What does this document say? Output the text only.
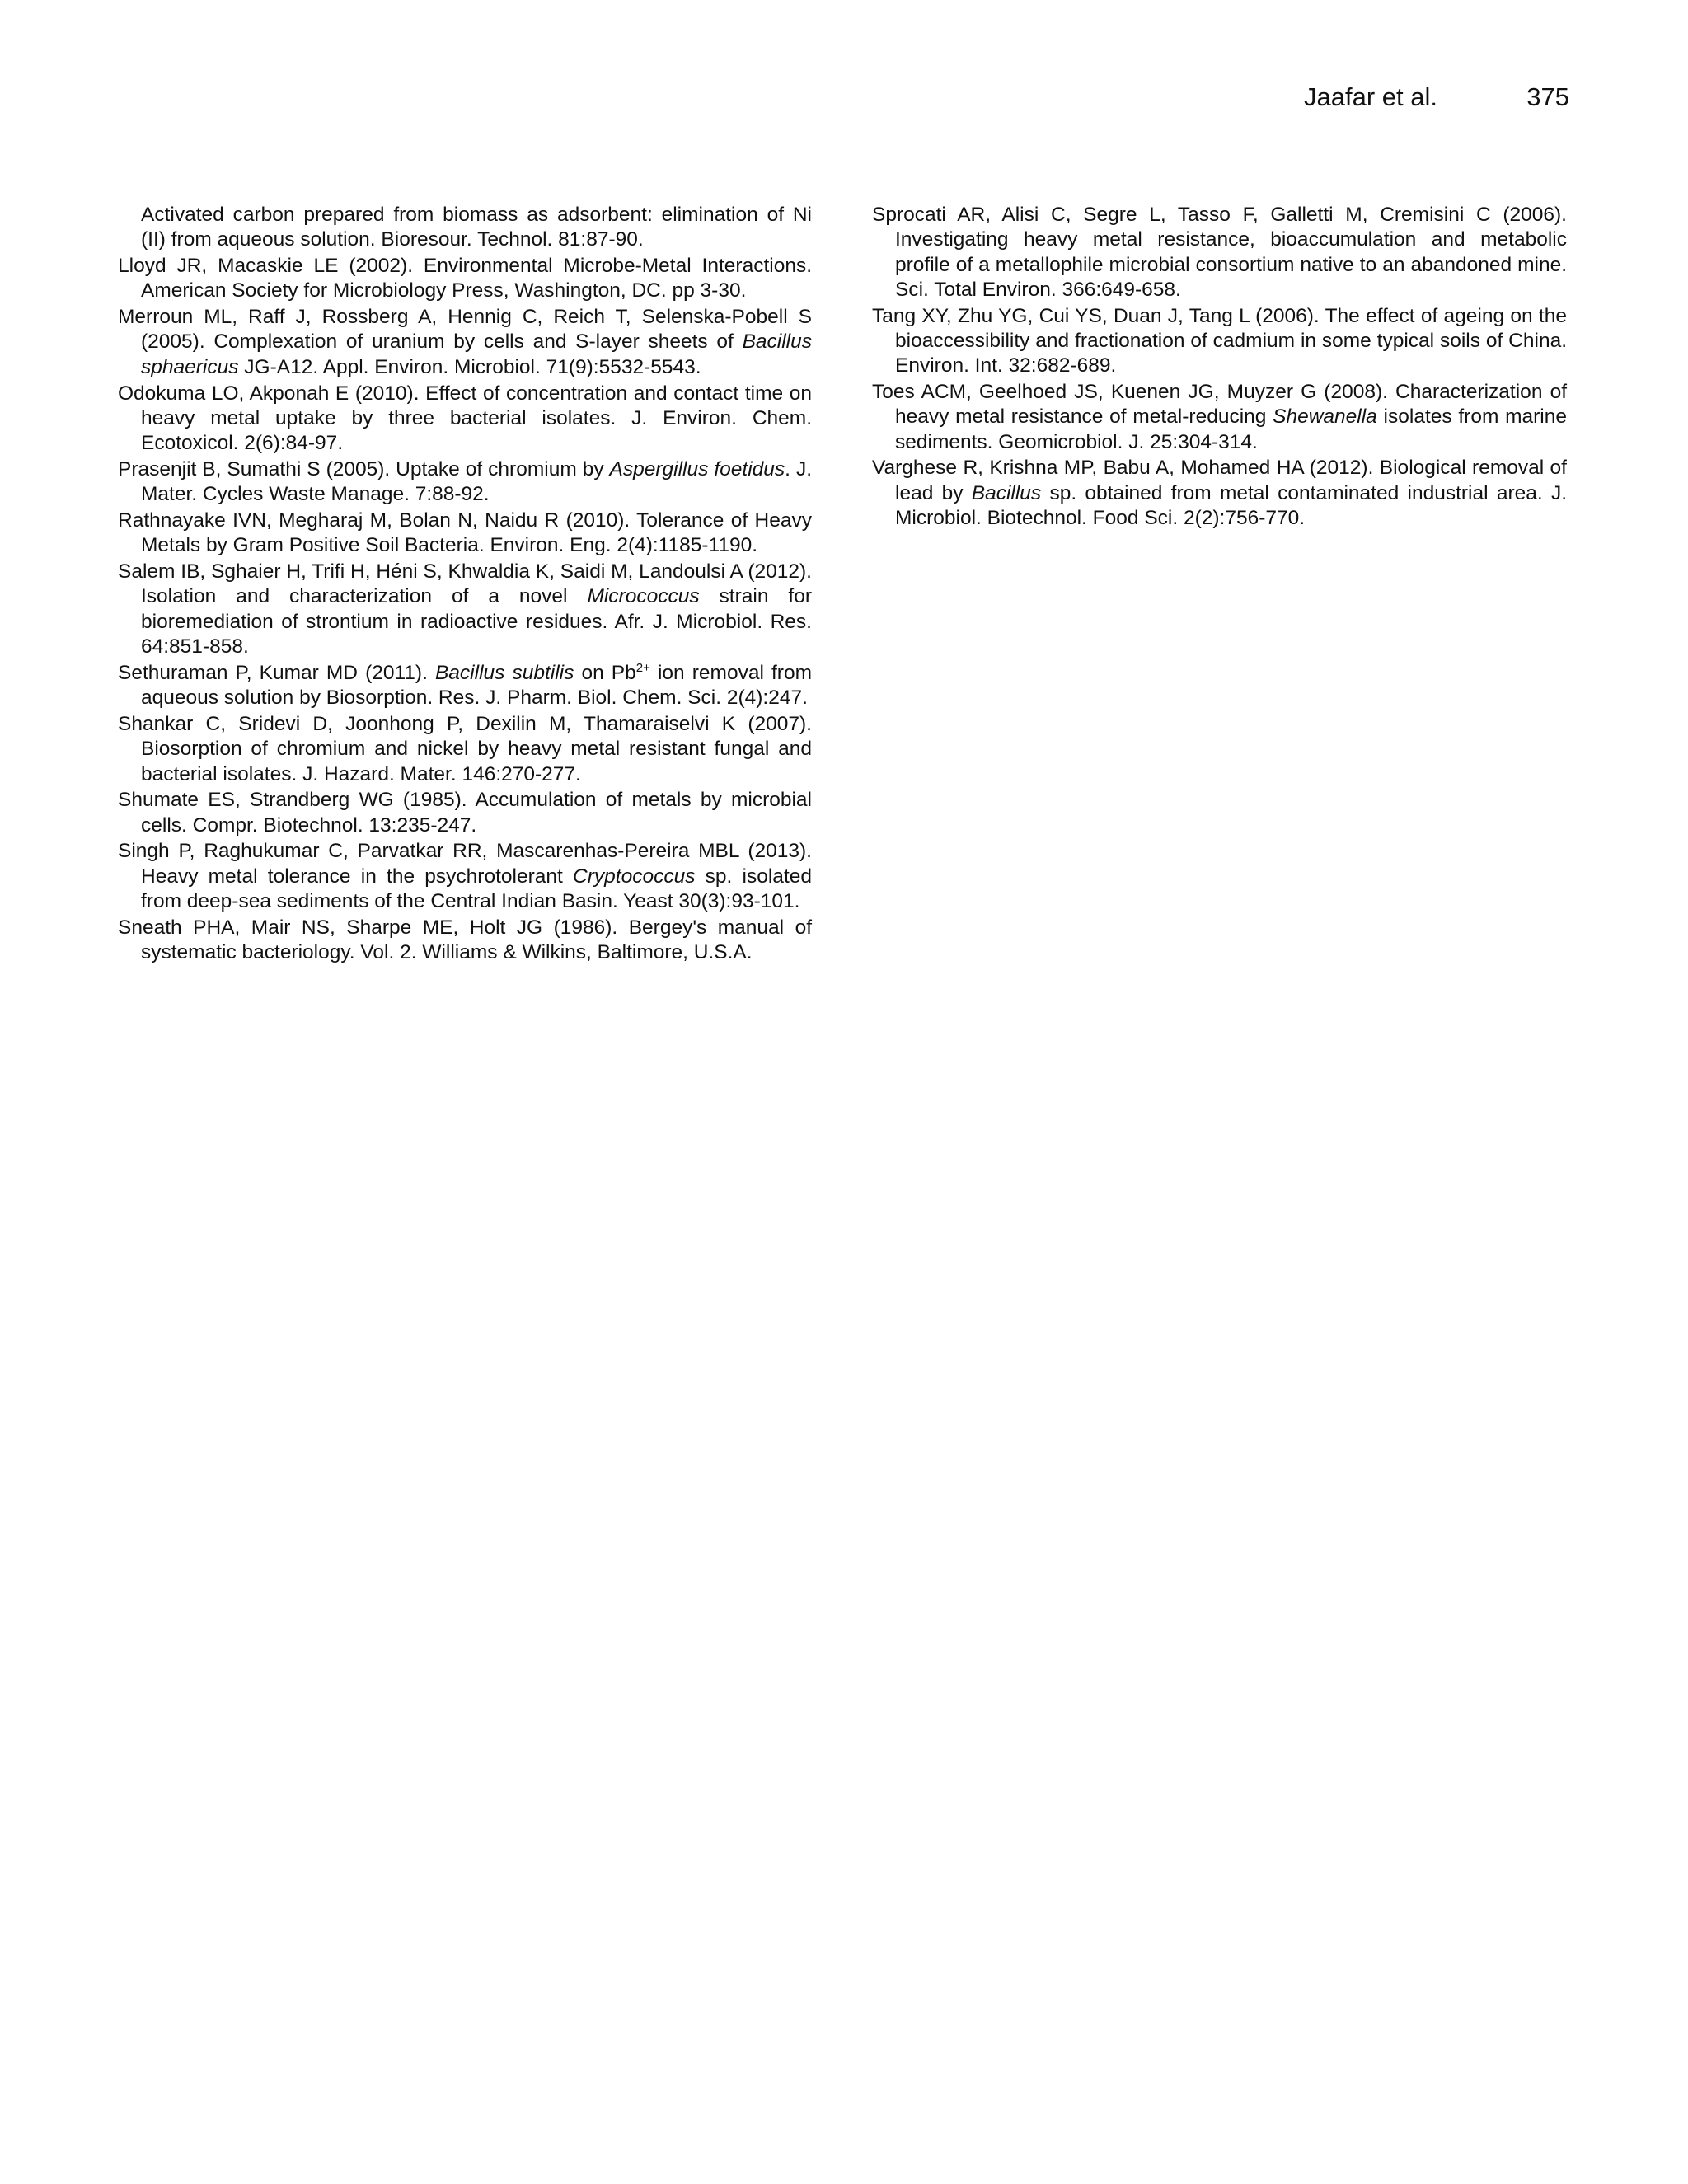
Jaafar et al.	375

Activated carbon prepared from biomass as adsorbent: elimination of Ni (II) from aqueous solution. Bioresour. Technol. 81:87-90.

Lloyd JR, Macaskie LE (2002). Environmental Microbe-Metal Interactions. American Society for Microbiology Press, Washington, DC. pp 3-30.

Merroun ML, Raff J, Rossberg A, Hennig C, Reich T, Selenska-Pobell S (2005). Complexation of uranium by cells and S-layer sheets of Bacillus sphaericus JG-A12. Appl. Environ. Microbiol. 71(9):5532-5543.

Odokuma LO, Akponah E (2010). Effect of concentration and contact time on heavy metal uptake by three bacterial isolates. J. Environ. Chem. Ecotoxicol. 2(6):84-97.

Prasenjit B, Sumathi S (2005). Uptake of chromium by Aspergillus foetidus. J. Mater. Cycles Waste Manage. 7:88-92.

Rathnayake IVN, Megharaj M, Bolan N, Naidu R (2010). Tolerance of Heavy Metals by Gram Positive Soil Bacteria. Environ. Eng. 2(4):1185-1190.

Salem IB, Sghaier H, Trifi H, Héni S, Khwaldia K, Saidi M, Landoulsi A (2012). Isolation and characterization of a novel Micrococcus strain for bioremediation of strontium in radioactive residues. Afr. J. Microbiol. Res. 64:851-858.

Sethuraman P, Kumar MD (2011). Bacillus subtilis on $Pb^{2+}$ ion removal from aqueous solution by Biosorption. Res. J. Pharm. Biol. Chem. Sci. 2(4):247.

Shankar C, Sridevi D, Joonhong P, Dexilin M, Thamaraiselvi K (2007). Biosorption of chromium and nickel by heavy metal resistant fungal and bacterial isolates. J. Hazard. Mater. 146:270-277.

Shumate ES, Strandberg WG (1985). Accumulation of metals by microbial cells. Compr. Biotechnol. 13:235-247.

Singh P, Raghukumar C, Parvatkar RR, Mascarenhas-Pereira MBL (2013). Heavy metal tolerance in the psychrotolerant Cryptococcus sp. isolated from deep-sea sediments of the Central Indian Basin. Yeast 30(3):93-101.

Sneath PHA, Mair NS, Sharpe ME, Holt JG (1986). Bergey's manual of systematic bacteriology. Vol. 2. Williams & Wilkins, Baltimore, U.S.A.

Sprocati AR, Alisi C, Segre L, Tasso F, Galletti M, Cremisini C (2006). Investigating heavy metal resistance, bioaccumulation and metabolic profile of a metallophile microbial consortium native to an abandoned mine. Sci. Total Environ. 366:649-658.

Tang XY, Zhu YG, Cui YS, Duan J, Tang L (2006). The effect of ageing on the bioaccessibility and fractionation of cadmium in some typical soils of China. Environ. Int. 32:682-689.

Toes ACM, Geelhoed JS, Kuenen JG, Muyzer G (2008). Characterization of heavy metal resistance of metal-reducing Shewanella isolates from marine sediments. Geomicrobiol. J. 25:304-314.

Varghese R, Krishna MP, Babu A, Mohamed HA (2012). Biological removal of lead by Bacillus sp. obtained from metal contaminated industrial area. J. Microbiol. Biotechnol. Food Sci. 2(2):756-770.
